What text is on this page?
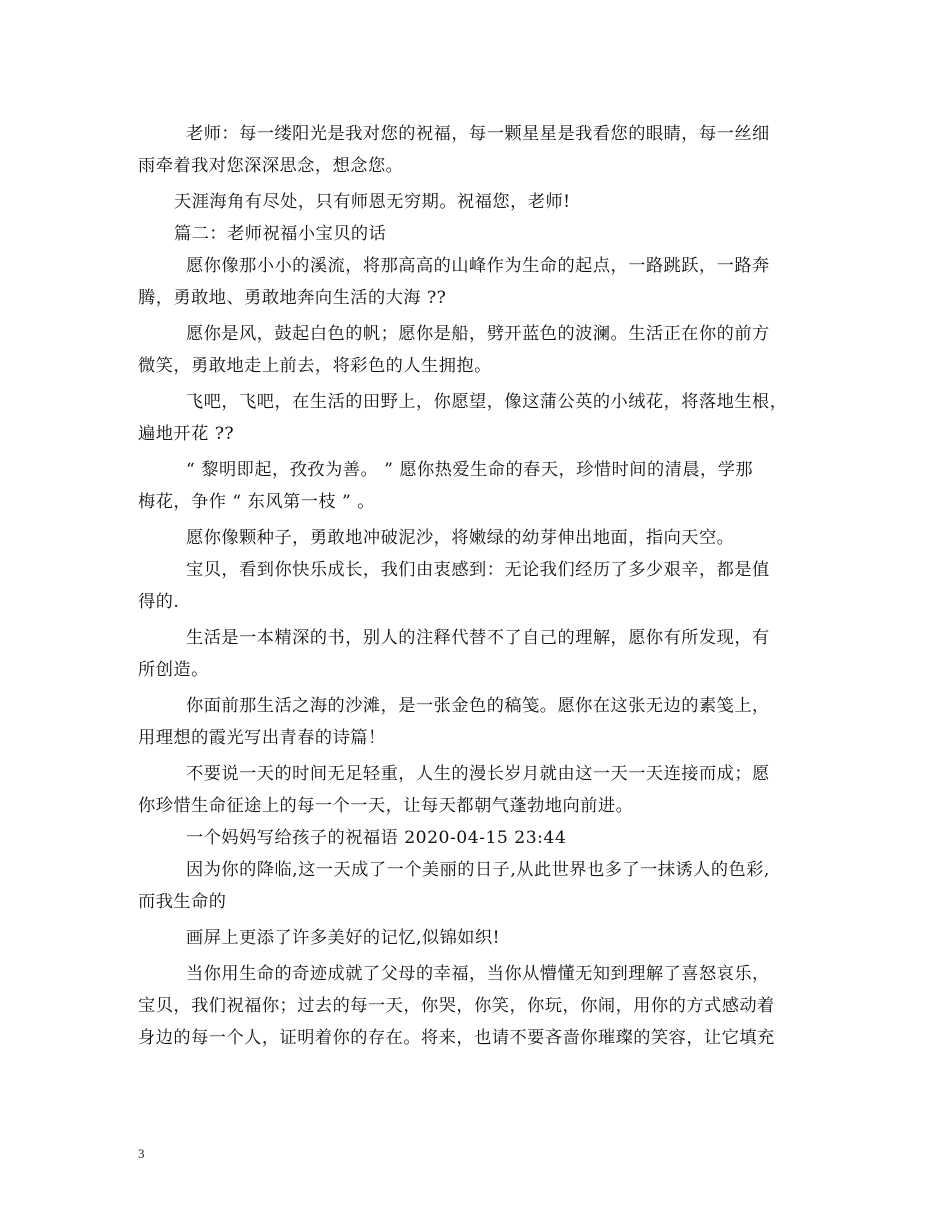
老师：每一缕阳光是我对您的祝福，每一颗星星是我看您的眼睛，每一丝细
雨牵着我对您深深思念，想念您。
天涯海角有尽处，只有师恩无穷期。祝福您，老师!
篇二：老师祝福小宝贝的话
愿你像那小小的溪流，将那高高的山峰作为生命的起点，一路跳跃，一路奔
腾，勇敢地、勇敢地奔向生活的大海 ??
愿你是风，鼓起白色的帆；愿你是船，劈开蓝色的波澜。生活正在你的前方
微笑，勇敢地走上前去，将彩色的人生拥抱。
飞吧，飞吧，在生活的田野上，你愿望，像这蒲公英的小绒花，将落地生根，
遍地开花 ??
“ 黎明即起，孜孜为善。 ” 愿你热爱生命的春天，珍惜时间的清晨，学那
梅花，争作 “ 东风第一枝 ” 。
愿你像颗种子，勇敢地冲破泥沙，将嫩绿的幼芽伸出地面，指向天空。
宝贝，看到你快乐成长，我们由衷感到：无论我们经历了多少艰辛，都是值
得的.
生活是一本精深的书，别人的注释代替不了自己的理解，愿你有所发现，有
所创造。
你面前那生活之海的沙滩，是一张金色的稿笺。愿你在这张无边的素笺上，
用理想的霞光写出青春的诗篇！
不要说一天的时间无足轻重，人生的漫长岁月就由这一天一天连接而成；愿
你珍惜生命征途上的每一个一天，让每天都朝气蓬勃地向前进。
一个妈妈写给孩子的祝福语 2020-04-15 23:44
因为你的降临,这一天成了一个美丽的日子,从此世界也多了一抹诱人的色彩,
而我生命的
画屏上更添了许多美好的记忆,似锦如织!
当你用生命的奇迹成就了父母的幸福，当你从懵懂无知到理解了喜怒哀乐，
宝贝，我们祝福你；过去的每一天，你哭，你笑，你玩，你闹，用你的方式感动着
身边的每一个人，证明着你的存在。将来，也请不要吝啬你璀璨的笑容，让它填充
3
